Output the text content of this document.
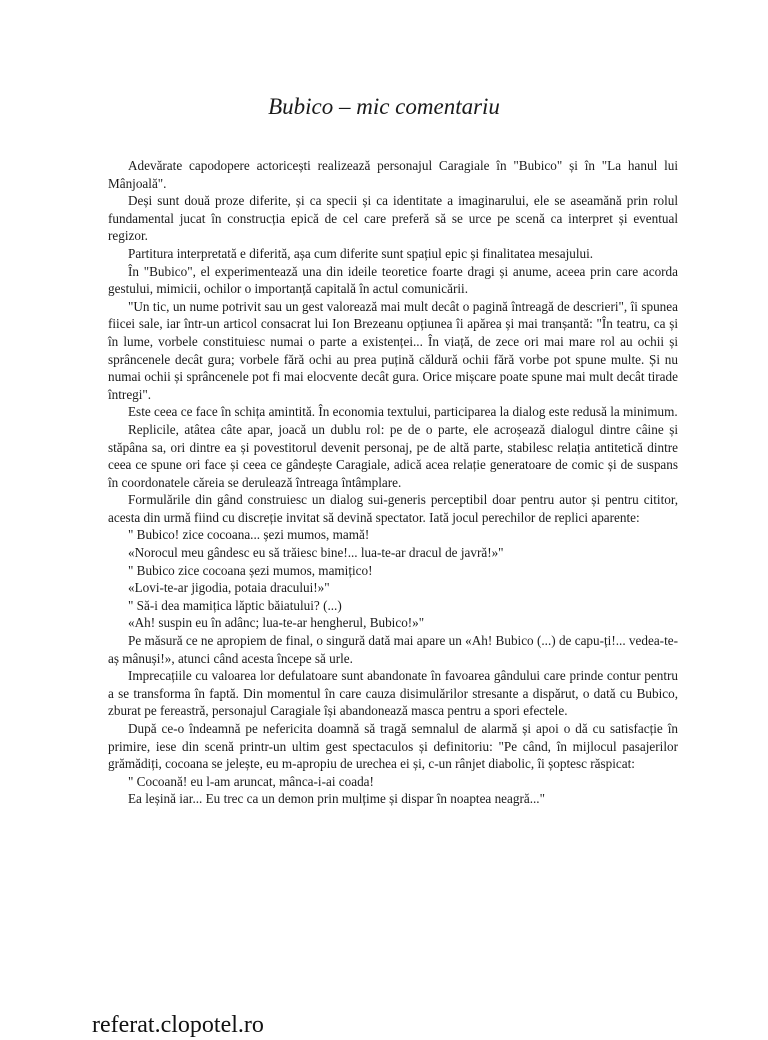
Bubico – mic comentariu

Adevărate capodopere actoricești realizează personajul Caragiale în "Bubico" și în "La hanul lui Mânjoală".

Deși sunt două proze diferite, și ca specii și ca identitate a imaginarului, ele se aseamănă prin rolul fundamental jucat în construcția epică de cel care preferă să se urce pe scenă ca interpret și eventual regizor.

Partitura interpretată e diferită, așa cum diferite sunt spațiul epic și finalitatea mesajului.

În "Bubico", el experimentează una din ideile teoretice foarte dragi și anume, aceea prin care acorda gestului, mimicii, ochilor o importanță capitală în actul comunicării.

"Un tic, un nume potrivit sau un gest valorează mai mult decât o pagină întreagă de descrieri", îi spunea fiicei sale, iar într-un articol consacrat lui Ion Brezeanu opțiunea îi apărea și mai tranșantă: "În teatru, ca și în lume, vorbele constituiesc numai o parte a existenței... În viață, de zece ori mai mare rol au ochii și sprâncenele decât gura; vorbele fără ochi au prea puțină căldură ochii fără vorbe pot spune multe. Și nu numai ochii și sprâncenele pot fi mai elocvente decât gura. Orice mișcare poate spune mai mult decât tirade întregi".

Este ceea ce face în schița amintită. În economia textului, participarea la dialog este redusă la minimum.

Replicile, atâtea câte apar, joacă un dublu rol: pe de o parte, ele acroșează dialogul dintre câine și stăpâna sa, ori dintre ea și povestitorul devenit personaj, pe de altă parte, stabilesc relația antitetică dintre ceea ce spune ori face și ceea ce gândește Caragiale, adică acea relație generatoare de comic și de suspans în coordonatele căreia se derulează întreaga întâmplare.

Formulările din gând construiesc un dialog sui-generis perceptibil doar pentru autor și pentru cititor, acesta din urmă fiind cu discreție invitat să devină spectator. Iată jocul perechilor de replici aparente:

" Bubico! zice cocoana... șezi mumos, mamă!

«Norocul meu gândesc eu să trăiesc bine!... lua-te-ar dracul de javră!»"

" Bubico zice cocoana șezi mumos, mamițico!

«Lovi-te-ar jigodia, potaia dracului!»"

" Să-i dea mamițica lăptic băiatului? (...)

«Ah! suspin eu în adânc; lua-te-ar hengherul, Bubico!»"

Pe măsură ce ne apropiem de final, o singură dată mai apare un «Ah! Bubico (...) de capu-ți!... vedea-te-aș mânuși!», atunci când acesta începe să urle.

Imprecațiile cu valoarea lor defulatoare sunt abandonate în favoarea gândului care prinde contur pentru a se transforma în faptă. Din momentul în care cauza disimulărilor stresante a dispărut, o dată cu Bubico, zburat pe fereastră, personajul Caragiale își abandonează masca pentru a spori efectele.

După ce-o îndeamnă pe nefericita doamnă să tragă semnalul de alarmă și apoi o dă cu satisfacție în primire, iese din scenă printr-un ultim gest spectaculos și definitoriu: "Pe când, în mijlocul pasajerilor grămădiți, cocoana se jelește, eu m-apropiu de urechea ei și, c-un rânjet diabolic, îi șoptesc răspicat:

" Cocoană! eu l-am aruncat, mânca-i-ai coada!

Ea leșină iar... Eu trec ca un demon prin mulțime și dispar în noaptea neagră..."

referat.clopotel.ro
